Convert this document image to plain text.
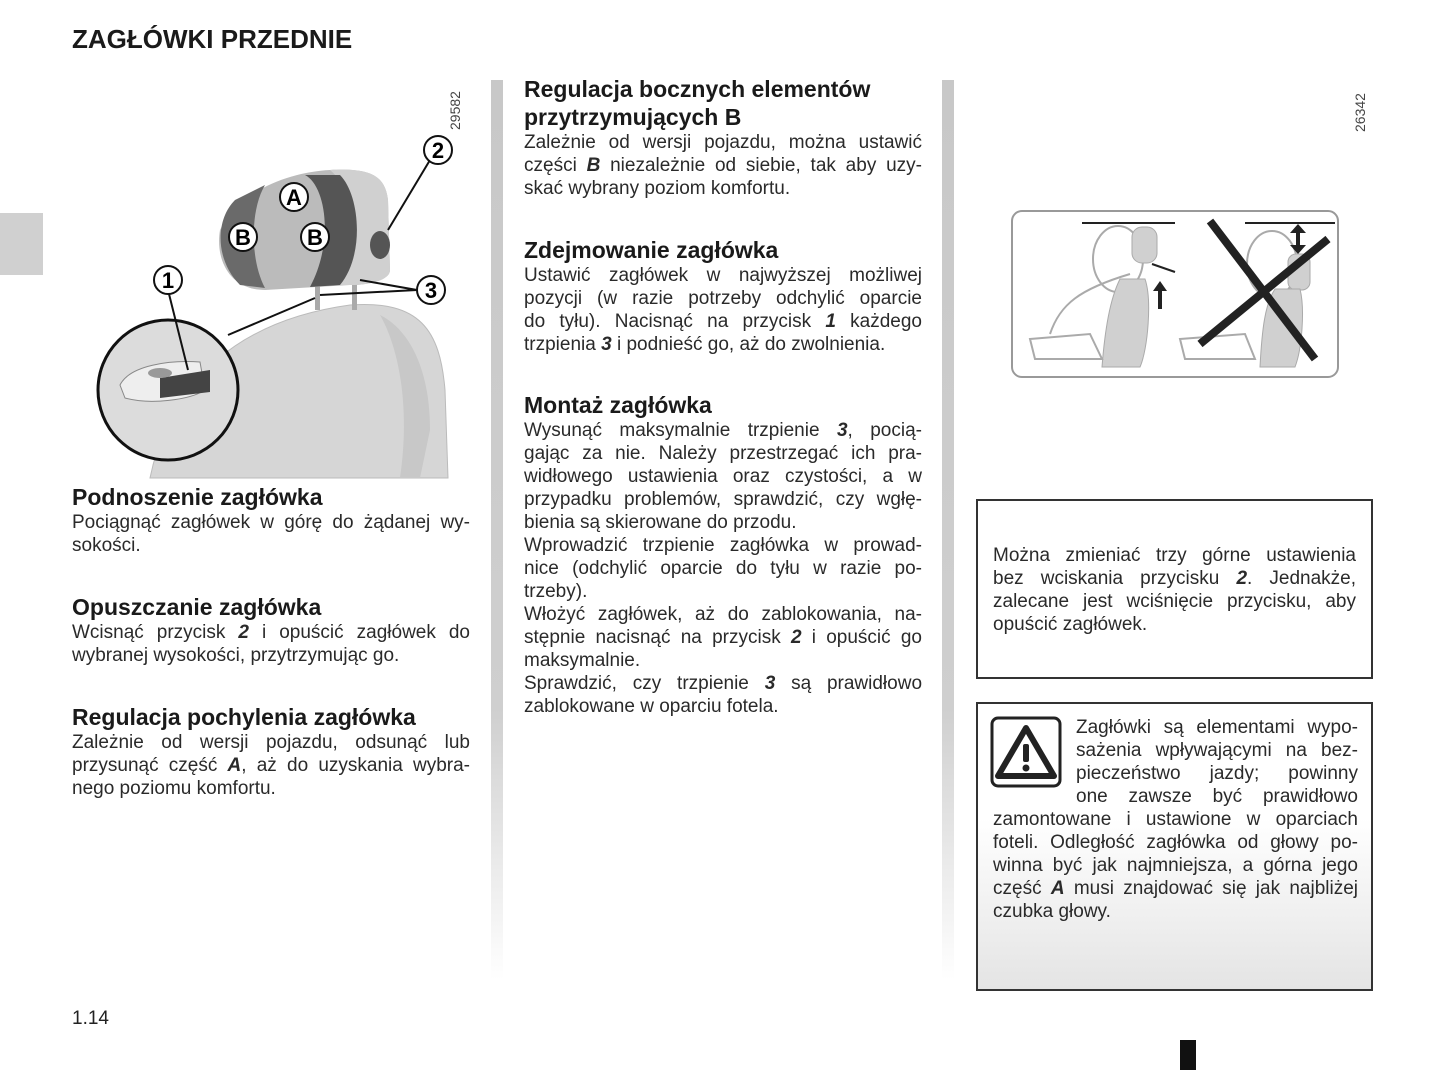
ZAGŁÓWKI PRZEDNIE
29582
A
B	B
1
2
3
26342
Podnoszenie zagłówka
Pociągnąć zagłówek w górę do żądanej wy-
sokości.
Opuszczanie zagłówka
Wcisnąć przycisk 2 i opuścić zagłówek do
wybranej wysokości, przytrzymując go.
Regulacja pochylenia zagłówka
Zależnie od wersji pojazdu, odsunąć lub
przysunąć część A, aż do uzyskania wybra-
nego poziomu komfortu.
Regulacja bocznych elementów
przytrzymujących B
Zależnie od wersji pojazdu, można ustawić
części B niezależnie od siebie, tak aby uzy-
skać wybrany poziom komfortu.
Zdejmowanie zagłówka
Ustawić zagłówek w najwyższej możliwej
pozycji (w razie potrzeby odchylić oparcie
do tyłu). Nacisnąć na przycisk 1 każdego
trzpienia 3 i podnieść go, aż do zwolnienia.
Montaż zagłówka
Wysunąć maksymalnie trzpienie 3, pocią-
gając za nie. Należy przestrzegać ich pra-
widłowego ustawienia oraz czystości, a w
przypadku problemów, sprawdzić, czy wgłę-
bienia są skierowane do przodu.
Wprowadzić trzpienie zagłówka w prowad-
nice (odchylić oparcie do tyłu w razie po-
trzeby).
Włożyć zagłówek, aż do zablokowania, na-
stępnie nacisnąć na przycisk 2 i opuścić go
maksymalnie.
Sprawdzić, czy trzpienie 3 są prawidłowo
zablokowane w oparciu fotela.
Można zmieniać trzy górne ustawienia
bez wciskania przycisku 2. Jednakże,
zalecane jest wciśnięcie przycisku, aby
opuścić zagłówek.
Zagłówki są elementami wypo-
sażenia wpływającymi na bez-
pieczeństwo jazdy; powinny
one zawsze być prawidłowo
zamontowane i ustawione w oparciach
foteli. Odległość zagłówka od głowy po-
winna być jak najmniejsza, a górna jego
część A musi znajdować się jak najbliżej
czubka głowy.
1.14
